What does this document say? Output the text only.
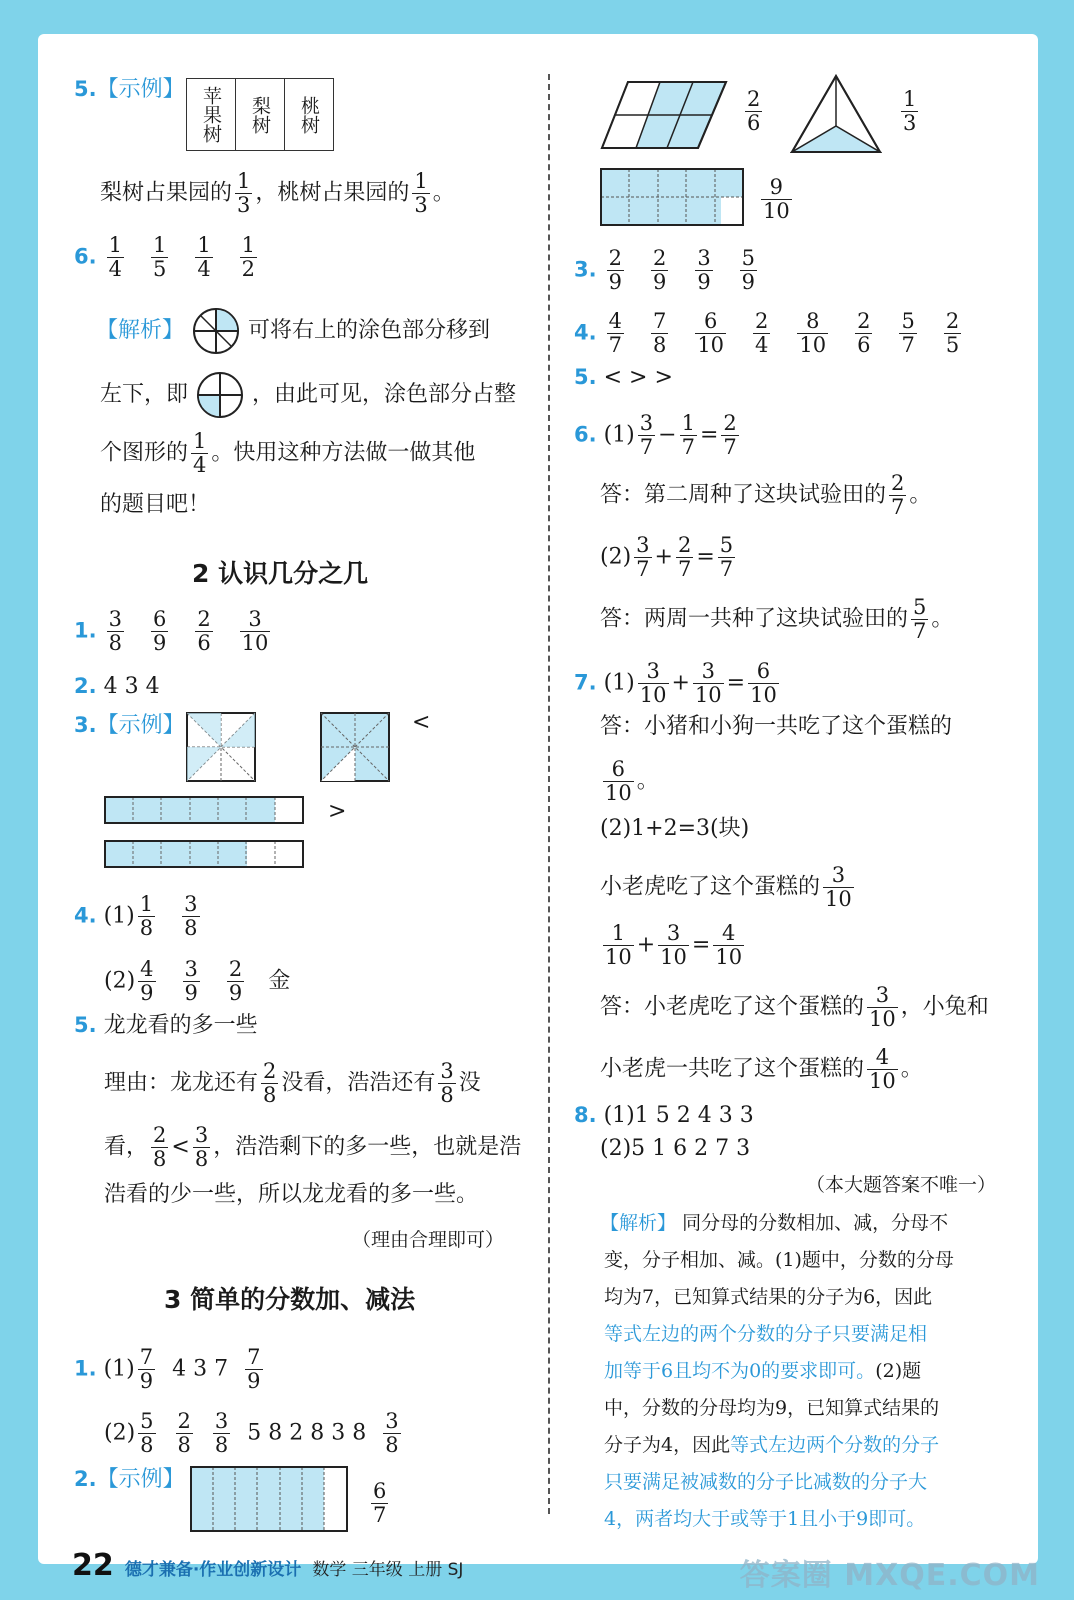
5.【示例】 苹果树	梨树	桃树
梨树占果园的 $\frac{1}{3}$ ，桃树占果园的 $\frac{1}{3}$ 。
6. $\frac{1}{4}$
$\frac{1}{5}$
$\frac{1}{4}$
$\frac{1}{2}$
【解析】	可将右上的涂色部分移到
左下，即	，由此可见，涂色部分占整
个图形的 $\frac{1}{4}$ 。快用这种方法做一做其他
的题目吧！
2 认识几分之几
1. $\frac{3}{8}$
$\frac{6}{9}$
$\frac{2}{6}$
$\frac{3}{10}$
2. 4 3 4
3.【示例】	<
>
4. $(1) \frac{1}{8}$
$\frac{3}{8}$
$(2) \frac{4}{9}$
$\frac{3}{9}$
$\frac{2}{9}$ 金
5. 龙龙看的多一些
理由：龙龙还有 $\frac{2}{8}$ 没看，浩浩还有 $\frac{3}{8}$ 没
看， $\frac{2}{8} < \frac{3}{8}$ ，浩浩剩下的多一些，也就是浩
浩看的少一些，所以龙龙看的多一些。
（理由合理即可）
3 简单的分数加、减法
1. $(1) \frac{7}{9} 4$ 3 $7 \frac{7}{9}$
$(2) \frac{5}{8}$
$\frac{2}{8}$
$\frac{3}{8} 5$ 8 2 8 3 $8 \frac{3}{8}$
2.【示例】
$\frac{6}{7}$
$\frac{2}{6}$	$\frac{1}{3}$
$\frac{9}{10}$
3. $\frac{2}{9}$
$\frac{2}{9}$
$\frac{3}{9}$
$\frac{5}{9}$
4. $\frac{4}{7}$
$\frac{7}{8}$
$\frac{6}{10}$
$\frac{2}{4}$
$\frac{8}{10}$
$\frac{2}{6}$
$\frac{5}{7}$
$\frac{2}{5}$
5. < > >
6. $(1) \frac{3}{7} - \frac{1}{7} = \frac{2}{7}$
答：第二周种了这块试验田的 $\frac{2}{7}$ 。
$(2) \frac{3}{7} + \frac{2}{7} = \frac{5}{7}$
答：两周一共种了这块试验田的 $\frac{5}{7}$ 。
7. $(1) \frac{3}{10} + \frac{3}{10} = \frac{6}{10}$
答：小猪和小狗一共吃了这个蛋糕的
$\frac{6}{10}$ 。
(2)1+2=3(块)
小老虎吃了这个蛋糕的 $\frac{3}{10}$
$\frac{1}{10} + \frac{3}{10} = \frac{4}{10}$
答：小老虎吃了这个蛋糕的 $\frac{3}{10}$ ，小兔和
小老虎一共吃了这个蛋糕的 $\frac{4}{10}$ 。
8. (1)1 5 2 4 3 3
(2)5 1 6 2 7 3
（本大题答案不唯一）
【解析】 同分母的分数相加、减，分母不
变，分子相加、减。(1)题中，分数的分母
均为7，已知算式结果的分子为6，因此
等式左边的两个分数的分子只要满足相
加等于6且均不为0的要求即可。(2)题
中，分数的分母均为9，已知算式结果的
分子为4，因此等式左边两个分数的分子
只要满足被减数的分子比减数的分子大
4，两者均大于或等于1且小于9即可。
22 德才兼备·作业创新设计 数学 三年级 上册 SJ	答案圈 MXQE.COM
